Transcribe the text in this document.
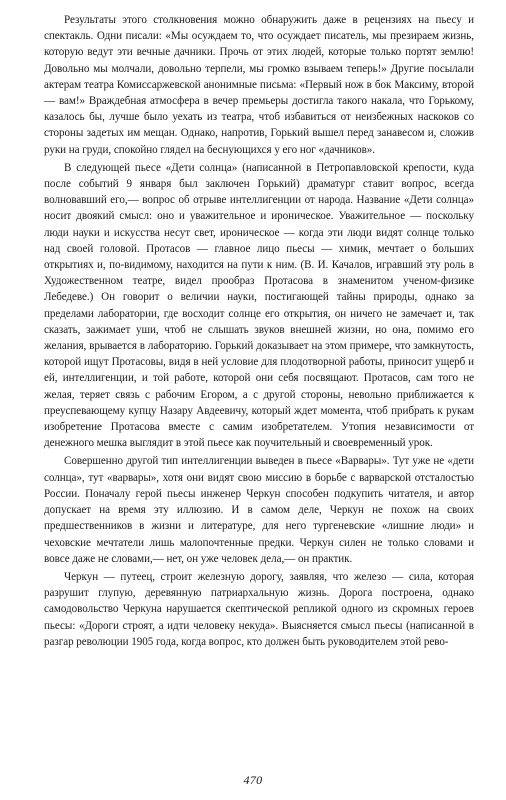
Результаты этого столкновения можно обнаружить даже в рецензиях на пьесу и спектакль. Одни писали: «Мы осуждаем то, что осуждает писатель, мы презираем жизнь, которую ведут эти вечные дачники. Прочь от этих людей, которые только портят землю! Довольно мы молчали, довольно терпели, мы громко взываем теперь!» Другие посылали актерам театра Комиссаржевской анонимные письма: «Первый нож в бок Максиму, второй — вам!» Враждебная атмосфера в вечер премьеры достигла такого накала, что Горькому, казалось бы, лучше было уехать из театра, чтоб избавиться от неизбежных наскоков со стороны задетых им мещан. Однако, напротив, Горький вышел перед занавесом и, сложив руки на груди, спокойно глядел на беснующихся у его ног «дачников».

В следующей пьесе «Дети солнца» (написанной в Петропавловской крепости, куда после событий 9 января был заключен Горький) драматург ставит вопрос, всегда волновавший его,— вопрос об отрыве интеллигенции от народа. Название «Дети солнца» носит двоякий смысл: оно и уважительное и ироническое. Уважительное — поскольку люди науки и искусства несут свет, ироническое — когда эти люди видят солнце только над своей головой. Протасов — главное лицо пьесы — химик, мечтает о больших открытиях и, по-видимому, находится на пути к ним. (В. И. Качалов, игравший эту роль в Художественном театре, видел прообраз Протасова в знаменитом ученом-физике Лебедеве.) Он говорит о величии науки, постигающей тайны природы, однако за пределами лаборатории, где восходит солнце его открытия, он ничего не замечает и, так сказать, зажимает уши, чтоб не слышать звуков внешней жизни, но она, помимо его желания, врывается в лабораторию. Горький доказывает на этом примере, что замкнутость, которой ищут Протасовы, видя в ней условие для плодотворной работы, приносит ущерб и ей, интеллигенции, и той работе, которой они себя посвящают. Протасов, сам того не желая, теряет связь с рабочим Егором, а с другой стороны, невольно приближается к преуспевающему купцу Назару Авдеевичу, который ждет момента, чтоб прибрать к рукам изобретение Протасова вместе с самим изобретателем. Утопия независимости от денежного мешка выглядит в этой пьесе как поучительный и своевременный урок.

Совершенно другой тип интеллигенции выведен в пьесе «Варвары». Тут уже не «дети солнца», тут «варвары», хотя они видят свою миссию в борьбе с варварской отсталостью России. Поначалу герой пьесы инженер Черкун способен подкупить читателя, и автор допускает на время эту иллюзию. И в самом деле, Черкун не похож на своих предшественников в жизни и литературе, для него тургеневские «лишние люди» и чеховские мечтатели лишь малопочтенные предки. Черкун силен не только словами и вовсе даже не словами,— нет, он уже человек дела,— он практик.

Черкун — путеец, строит железную дорогу, заявляя, что железо — сила, которая разрушит глупую, деревянную патриархальную жизнь. Дорога построена, однако самодовольство Черкуна нарушается скептической репликой одного из скромных героев пьесы: «Дороги строят, а идти человеку некуда». Выясняется смысл пьесы (написанной в разгар революции 1905 года, когда вопрос, кто должен быть руководителем этой рево-

470
